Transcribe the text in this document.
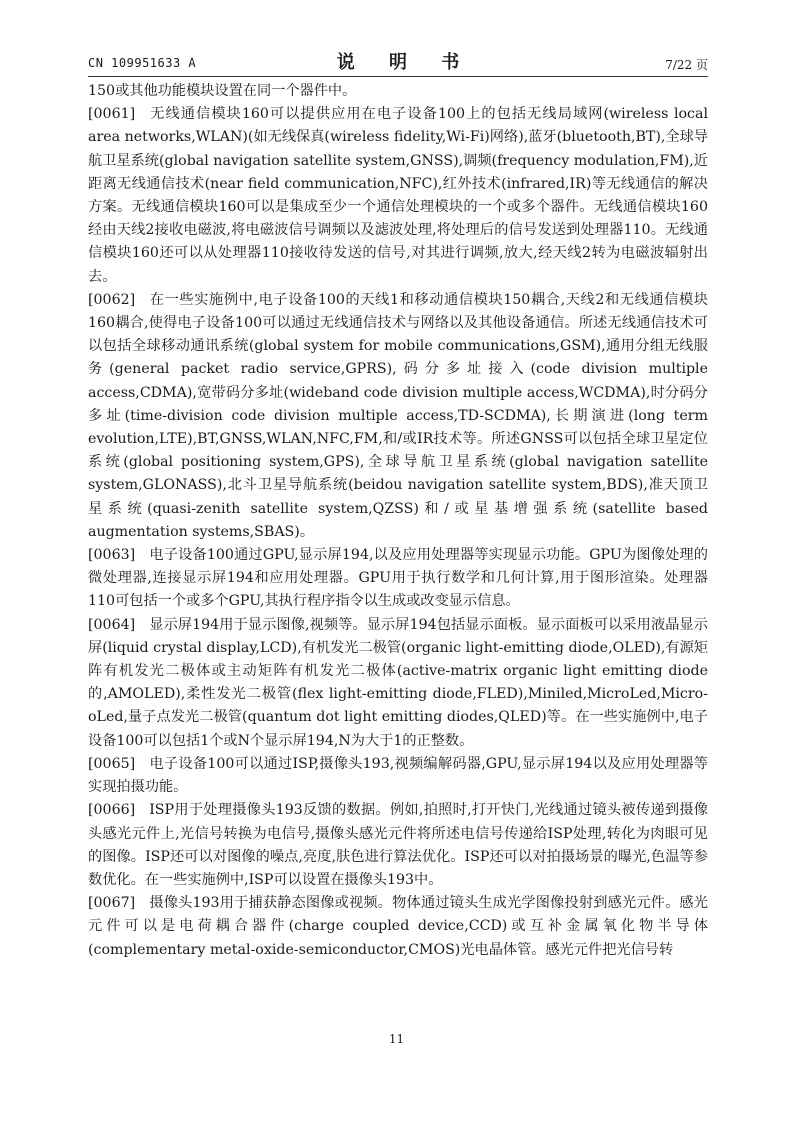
CN 109951633 A	说 明 书	7/22 页

150或其他功能模块设置在同一个器件中。

[0061] 无线通信模块160可以提供应用在电子设备100上的包括无线局域网(wireless local area networks,WLAN)(如无线保真(wireless fidelity,Wi-Fi)网络),蓝牙(bluetooth,BT),全球导航卫星系统(global navigation satellite system,GNSS),调频(frequency modulation,FM),近距离无线通信技术(near field communication,NFC),红外技术(infrared,IR)等无线通信的解决方案。无线通信模块160可以是集成至少一个通信处理模块的一个或多个器件。无线通信模块160经由天线2接收电磁波,将电磁波信号调频以及滤波处理,将处理后的信号发送到处理器110。无线通信模块160还可以从处理器110接收待发送的信号,对其进行调频,放大,经天线2转为电磁波辐射出去。

[0062] 在一些实施例中,电子设备100的天线1和移动通信模块150耦合,天线2和无线通信模块160耦合,使得电子设备100可以通过无线通信技术与网络以及其他设备通信。所述无线通信技术可以包括全球移动通讯系统(global system for mobile communications,GSM),通用分组无线服务(general packet radio service,GPRS),码分多址接入(code division multiple access,CDMA),宽带码分多址(wideband code division multiple access,WCDMA),时分码分多址(time-division code division multiple access,TD-SCDMA),长期演进(long term evolution,LTE),BT,GNSS,WLAN,NFC,FM,和/或IR技术等。所述GNSS可以包括全球卫星定位系统(global positioning system,GPS),全球导航卫星系统(global navigation satellite system,GLONASS),北斗卫星导航系统(beidou navigation satellite system,BDS),准天顶卫星系统(quasi-zenith satellite system,QZSS)和/或星基增强系统(satellite based augmentation systems,SBAS)。

[0063] 电子设备100通过GPU,显示屏194,以及应用处理器等实现显示功能。GPU为图像处理的微处理器,连接显示屏194和应用处理器。GPU用于执行数学和几何计算,用于图形渲染。处理器110可包括一个或多个GPU,其执行程序指令以生成或改变显示信息。

[0064] 显示屏194用于显示图像,视频等。显示屏194包括显示面板。显示面板可以采用液晶显示屏(liquid crystal display,LCD),有机发光二极管(organic light-emitting diode,OLED),有源矩阵有机发光二极体或主动矩阵有机发光二极体(active-matrix organic light emitting diode的,AMOLED),柔性发光二极管(flex light-emitting diode,FLED),Miniled,MicroLed,Micro-oLed,量子点发光二极管(quantum dot light emitting diodes,QLED)等。在一些实施例中,电子设备100可以包括1个或N个显示屏194,N为大于1的正整数。

[0065] 电子设备100可以通过ISP,摄像头193,视频编解码器,GPU,显示屏194以及应用处理器等实现拍摄功能。

[0066] ISP用于处理摄像头193反馈的数据。例如,拍照时,打开快门,光线通过镜头被传递到摄像头感光元件上,光信号转换为电信号,摄像头感光元件将所述电信号传递给ISP处理,转化为肉眼可见的图像。ISP还可以对图像的噪点,亮度,肤色进行算法优化。ISP还可以对拍摄场景的曝光,色温等参数优化。在一些实施例中,ISP可以设置在摄像头193中。

[0067] 摄像头193用于捕获静态图像或视频。物体通过镜头生成光学图像投射到感光元件。感光元件可以是电荷耦合器件(charge coupled device,CCD)或互补金属氧化物半导体(complementary metal-oxide-semiconductor,CMOS)光电晶体管。感光元件把光信号转

11
